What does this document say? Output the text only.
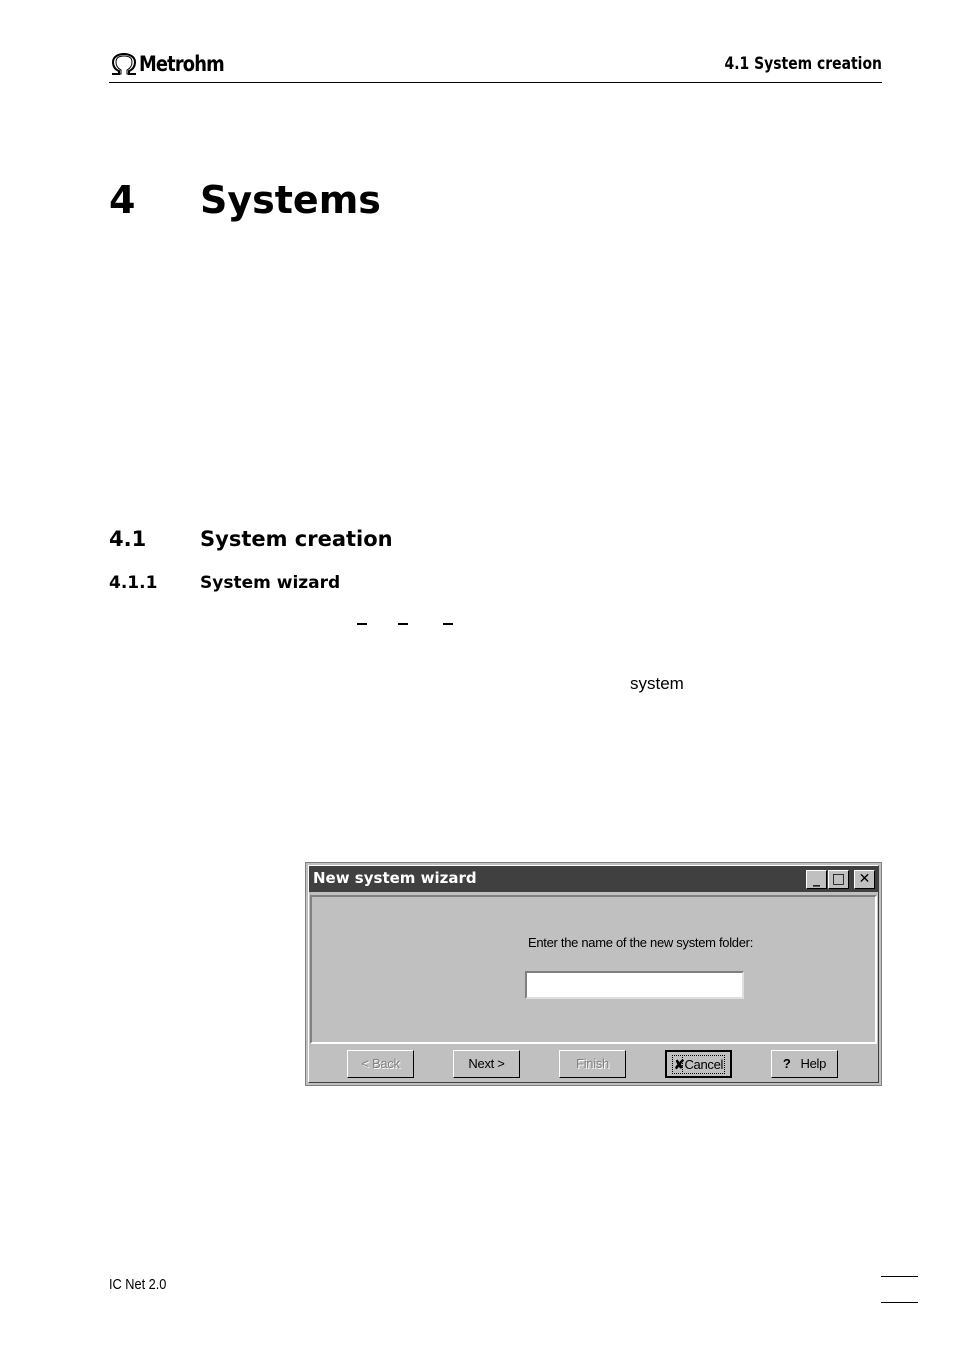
Metrohm	4.1 System creation
4 Systems
4.1	System creation
4.1.1	System wizard
system
New system wizard	_ □ ✕
Enter the name of the new system folder:
< Back	Next >	Finish	✘Cancel	? Help
IC Net 2.0
